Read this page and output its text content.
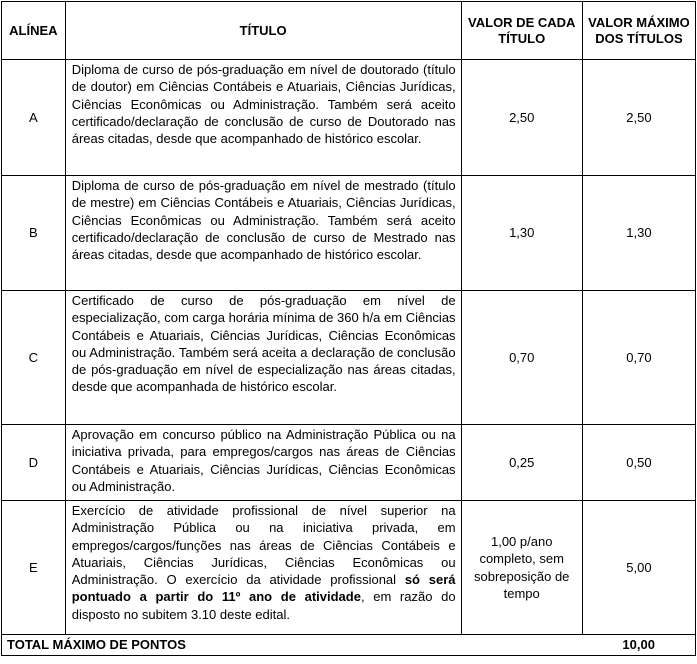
ALÍNEA	TÍTULO	VALOR DE CADA TÍTULO	VALOR MÁXIMO DOS TÍTULOS
A	Diploma de curso de pós-graduação em nível de doutorado (título de doutor) em Ciências Contábeis e Atuariais, Ciências Jurídicas, Ciências Econômicas ou Administração. Também será aceito certificado/declaração de conclusão de curso de Doutorado nas áreas citadas, desde que acompanhado de histórico escolar.	2,50	2,50
B	Diploma de curso de pós-graduação em nível de mestrado (título de mestre) em Ciências Contábeis e Atuariais, Ciências Jurídicas, Ciências Econômicas ou Administração. Também será aceito certificado/declaração de conclusão de curso de Mestrado nas áreas citadas, desde que acompanhado de histórico escolar.	1,30	1,30
C	Certificado de curso de pós-graduação em nível de especialização, com carga horária mínima de 360 h/a em Ciências Contábeis e Atuariais, Ciências Jurídicas, Ciências Econômicas ou Administração. Também será aceita a declaração de conclusão de pós-graduação em nível de especialização nas áreas citadas, desde que acompanhada de histórico escolar.	0,70	0,70
D	Aprovação em concurso público na Administração Pública ou na iniciativa privada, para empregos/cargos nas áreas de Ciências Contábeis e Atuariais, Ciências Jurídicas, Ciências Econômicas ou Administração.	0,25	0,50
E	Exercício de atividade profissional de nível superior na Administração Pública ou na iniciativa privada, em empregos/cargos/funções nas áreas de Ciências Contábeis e Atuariais, Ciências Jurídicas, Ciências Econômicas ou Administração. O exercício da atividade profissional só será pontuado a partir do 11º ano de atividade, em razão do disposto no subitem 3.10 deste edital.	1,00 p/ano completo, sem sobreposição de tempo	5,00
TOTAL MÁXIMO DE PONTOS			10,00
